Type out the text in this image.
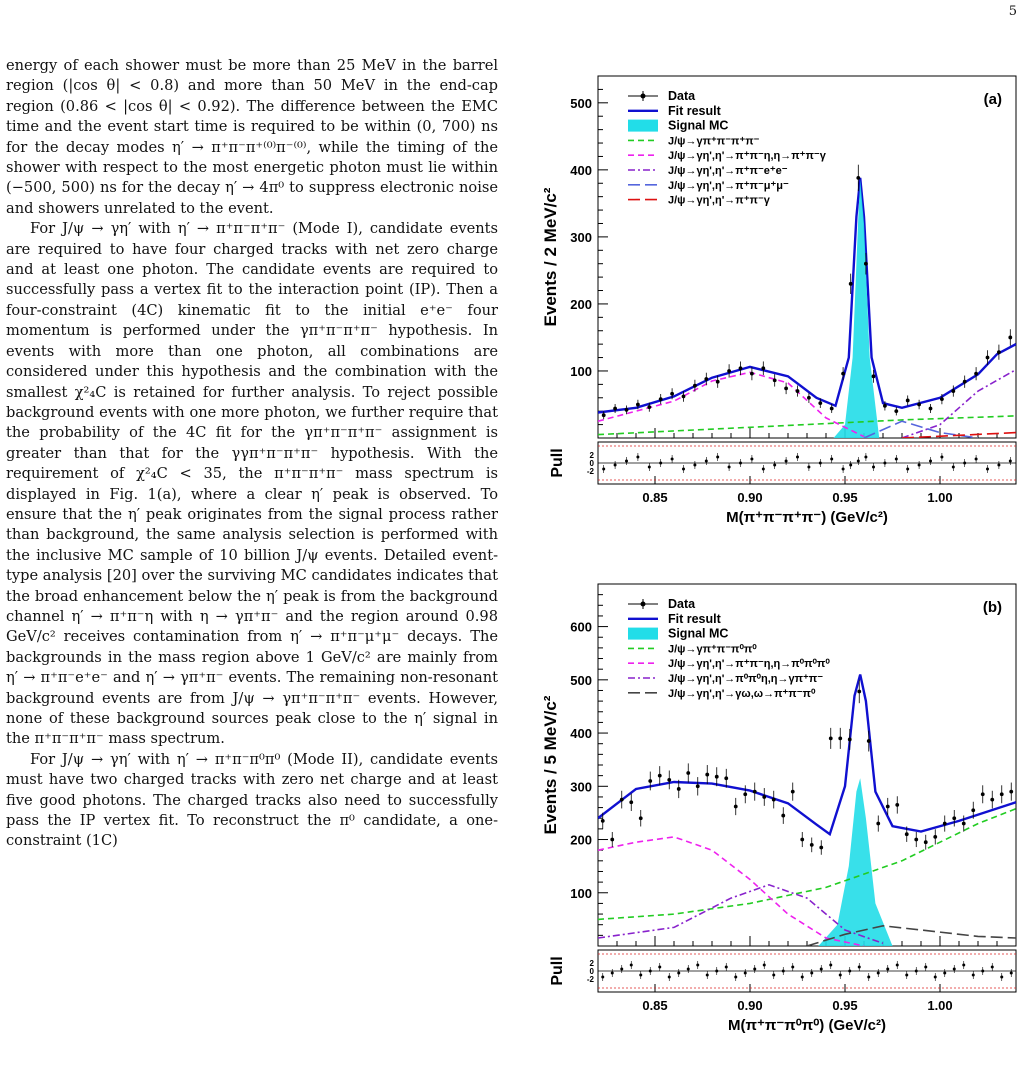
5

energy of each shower must be more than 25 MeV in the barrel region (|cos θ| < 0.8) and more than 50 MeV in the end-cap region (0.86 < |cos θ| < 0.92). The difference between the EMC time and the event start time is required to be within (0, 700) ns for the decay modes η′ → π⁺π⁻π⁺⁽⁰⁾π⁻⁽⁰⁾, while the timing of the shower with respect to the most energetic photon must lie within (−500, 500) ns for the decay η′ → 4π⁰ to suppress electronic noise and showers unrelated to the event.

For J/ψ → γη′ with η′ → π⁺π⁻π⁺π⁻ (Mode I), candidate events are required to have four charged tracks with net zero charge and at least one photon. The candidate events are required to successfully pass a vertex fit to the interaction point (IP). Then a four-constraint (4C) kinematic fit to the initial e⁺e⁻ four momentum is performed under the γπ⁺π⁻π⁺π⁻ hypothesis. In events with more than one photon, all combinations are considered under this hypothesis and the combination with the smallest χ²₄C is retained for further analysis. To reject possible background events with one more photon, we further require that the probability of the 4C fit for the γπ⁺π⁻π⁺π⁻ assignment is greater than that for the γγπ⁺π⁻π⁺π⁻ hypothesis. With the requirement of χ²₄C < 35, the π⁺π⁻π⁺π⁻ mass spectrum is displayed in Fig. 1(a), where a clear η′ peak is observed. To ensure that the η′ peak originates from the signal process rather than background, the same analysis selection is performed with the inclusive MC sample of 10 billion J/ψ events. Detailed event-type analysis [20] over the surviving MC candidates indicates that the broad enhancement below the η′ peak is from the background channel η′ → π⁺π⁻η with η → γπ⁺π⁻ and the region around 0.98 GeV/c² receives contamination from η′ → π⁺π⁻μ⁺μ⁻ decays. The backgrounds in the mass region above 1 GeV/c² are mainly from η′ → π⁺π⁻e⁺e⁻ and η′ → γπ⁺π⁻ events. The remaining non-resonant background events are from J/ψ → γπ⁺π⁻π⁺π⁻ events. However, none of these background sources peak close to the η′ signal in the π⁺π⁻π⁺π⁻ mass spectrum.

For J/ψ → γη′ with η′ → π⁺π⁻π⁰π⁰ (Mode II), candidate events must have two charged tracks with zero net charge and at least five good photons. The charged tracks also need to successfully pass the IP vertex fit. To reconstruct the π⁰ candidate, a one-constraint (1C)

100
200
300
400
500
0.85	0.90	0.95	1.00
Events / 2 MeV/c²
Pull
M(π⁺π⁻π⁺π⁻) (GeV/c²)
2
0
-2
(a)
Data
Fit result
Signal MC
J/ψ→γπ⁺π⁻π⁺π⁻
J/ψ→γη',η'→π⁺π⁻η,η→π⁺π⁻γ
J/ψ→γη',η'→π⁺π⁻e⁺e⁻
J/ψ→γη',η'→π⁺π⁻μ⁺μ⁻
J/ψ→γη',η'→π⁺π⁻γ
100
200
300
400
500
600
0.85	0.90	0.95	1.00
Events / 5 MeV/c²
Pull
M(π⁺π⁻π⁰π⁰) (GeV/c²)
2
0
-2
(b)
Data
Fit result
Signal MC
J/ψ→γπ⁺π⁻π⁰π⁰
J/ψ→γη',η'→π⁺π⁻η,η→π⁰π⁰π⁰
J/ψ→γη',η'→π⁰π⁰η,η→γπ⁺π⁻
J/ψ→γη',η'→γω,ω→π⁺π⁻π⁰
